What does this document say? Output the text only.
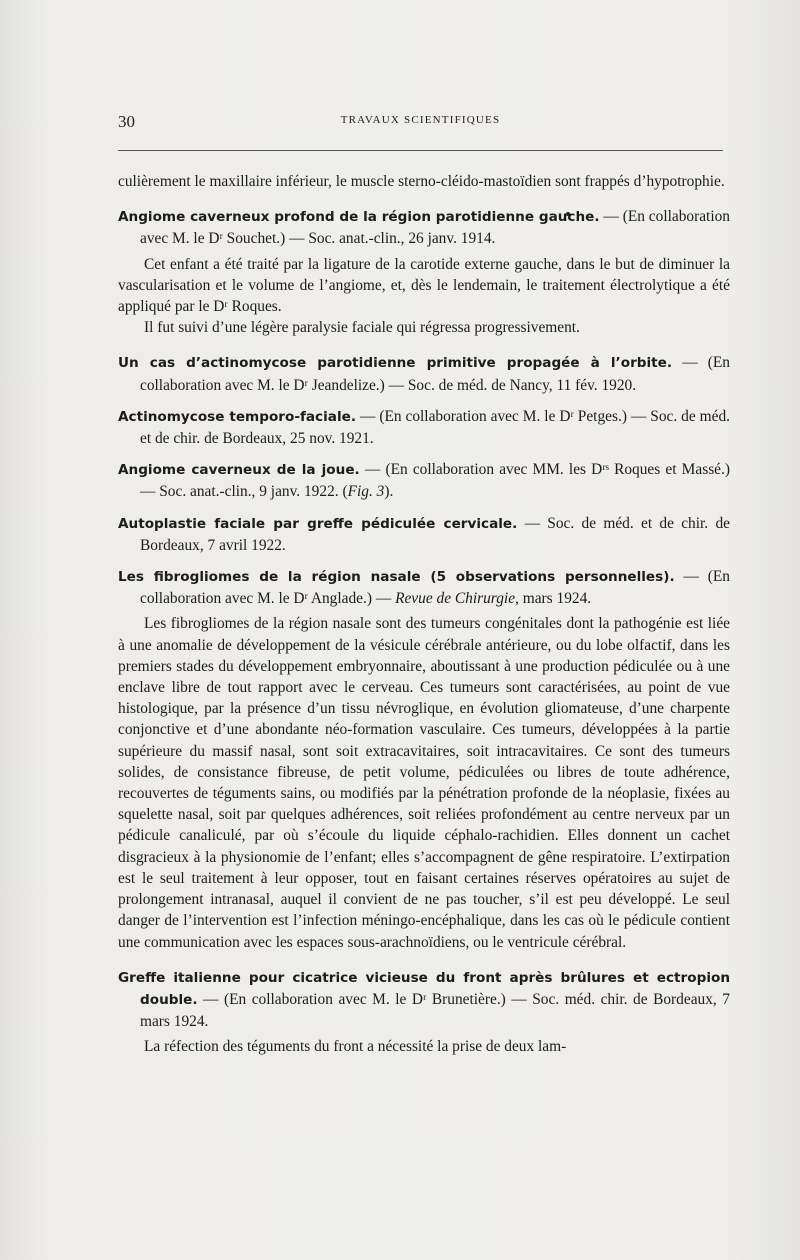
30	TRAVAUX SCIENTIFIQUES

culièrement le maxillaire inférieur, le muscle sterno-cléido-mastoïdien sont frappés d’hypotrophie.

Angiome caverneux profond de la région parotidienne gauche. — (En collaboration avec M. le Dʳ Souchet.) — Soc. anat.-clin., 26 janv. 1914.

Cet enfant a été traité par la ligature de la carotide externe gauche, dans le but de diminuer la vascularisation et le volume de l’angiome, et, dès le lendemain, le traitement électrolytique a été appliqué par le Dʳ Roques.

Il fut suivi d’une légère paralysie faciale qui régressa progressivement.

Un cas d’actinomycose parotidienne primitive propagée à l’orbite. — (En collaboration avec M. le Dʳ Jeandelize.) — Soc. de méd. de Nancy, 11 fév. 1920.
Actinomycose temporo-faciale. — (En collaboration avec M. le Dʳ Petges.) — Soc. de méd. et de chir. de Bordeaux, 25 nov. 1921.
Angiome caverneux de la joue. — (En collaboration avec MM. les Dʳˢ Roques et Massé.) — Soc. anat.-clin., 9 janv. 1922. (Fig. 3).
Autoplastie faciale par greffe pédiculée cervicale. — Soc. de méd. et de chir. de Bordeaux, 7 avril 1922.
Les fibrogliomes de la région nasale (5 observations personnelles). — (En collaboration avec M. le Dʳ Anglade.) — Revue de Chirurgie, mars 1924.

Les fibrogliomes de la région nasale sont des tumeurs congénitales dont la pathogénie est liée à une anomalie de développement de la vésicule cérébrale antérieure, ou du lobe olfactif, dans les premiers stades du développement embryonnaire, aboutissant à une production pédiculée ou à une enclave libre de tout rapport avec le cerveau. Ces tumeurs sont caractérisées, au point de vue histologique, par la présence d’un tissu névroglique, en évolution gliomateuse, d’une charpente conjonctive et d’une abondante néo-formation vasculaire. Ces tumeurs, développées à la partie supérieure du massif nasal, sont soit extracavitaires, soit intracavitaires. Ce sont des tumeurs solides, de consistance fibreuse, de petit volume, pédiculées ou libres de toute adhérence, recouvertes de téguments sains, ou modifiés par la pénétration profonde de la néoplasie, fixées au squelette nasal, soit par quelques adhérences, soit reliées profondément au centre nerveux par un pédicule canaliculé, par où s’écoule du liquide céphalo-rachidien. Elles donnent un cachet disgracieux à la physionomie de l’enfant; elles s’accompagnent de gêne respiratoire. L’extirpation est le seul traitement à leur opposer, tout en faisant certaines réserves opératoires au sujet de prolongement intranasal, auquel il convient de ne pas toucher, s’il est peu développé. Le seul danger de l’intervention est l’infection méningo-encéphalique, dans les cas où le pédicule contient une communication avec les espaces sous-arachnoïdiens, ou le ventricule cérébral.

Greffe italienne pour cicatrice vicieuse du front après brûlures et ectropion double. — (En collaboration avec M. le Dʳ Brunetière.) — Soc. méd. chir. de Bordeaux, 7 mars 1924.

La réfection des téguments du front a nécessité la prise de deux lam-
